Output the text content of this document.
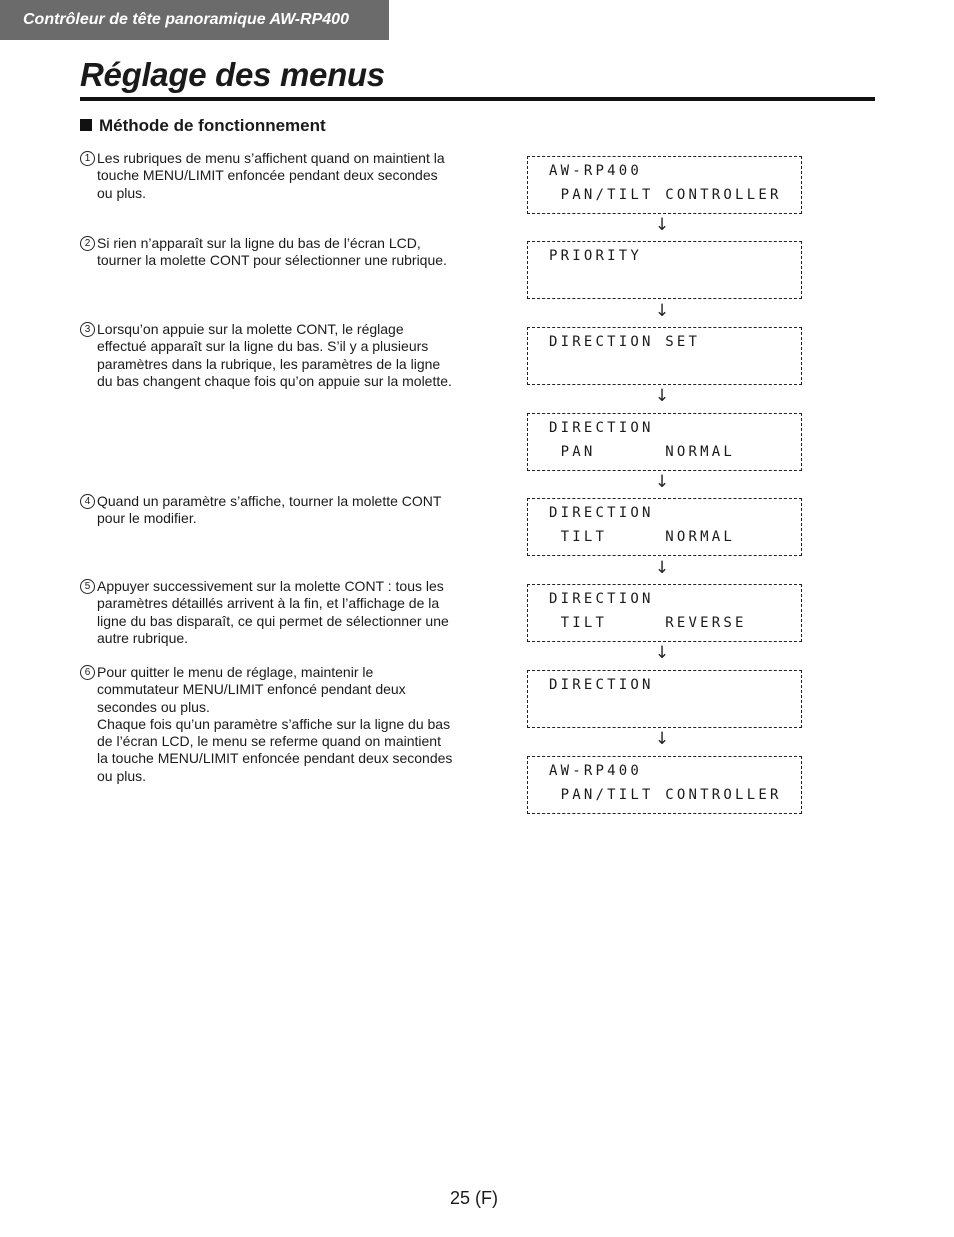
Contrôleur de tête panoramique AW-RP400
Réglage des menus
Méthode de fonctionnement
1 Les rubriques de menu s’affichent quand on maintient la
touche MENU/LIMIT enfoncée pendant deux secondes
ou plus.
2 Si rien n’apparaît sur la ligne du bas de l’écran LCD,
tourner la molette CONT pour sélectionner une rubrique.
3 Lorsqu’on appuie sur la molette CONT, le réglage
effectué apparaît sur la ligne du bas. S’il y a plusieurs
paramètres dans la rubrique, les paramètres de la ligne
du bas changent chaque fois qu’on appuie sur la molette.
4 Quand un paramètre s’affiche, tourner la molette CONT
pour le modifier.
5 Appuyer successivement sur la molette CONT : tous les
paramètres détaillés arrivent à la fin, et l’affichage de la
ligne du bas disparaît, ce qui permet de sélectionner une
autre rubrique.
6 Pour quitter le menu de réglage, maintenir le
commutateur MENU/LIMIT enfoncé pendant deux
secondes ou plus.
Chaque fois qu’un paramètre s’affiche sur la ligne du bas
de l’écran LCD, le menu se referme quand on maintient
la touche MENU/LIMIT enfoncée pendant deux secondes
ou plus.
AW-RP400
PAN/TILT CONTROLLER
↓
PRIORITY
↓
DIRECTION SET
↓
DIRECTION
PAN      NORMAL
↓
DIRECTION
TILT     NORMAL
↓
DIRECTION
TILT     REVERSE
↓
DIRECTION
↓
AW-RP400
PAN/TILT CONTROLLER
25 (F)
